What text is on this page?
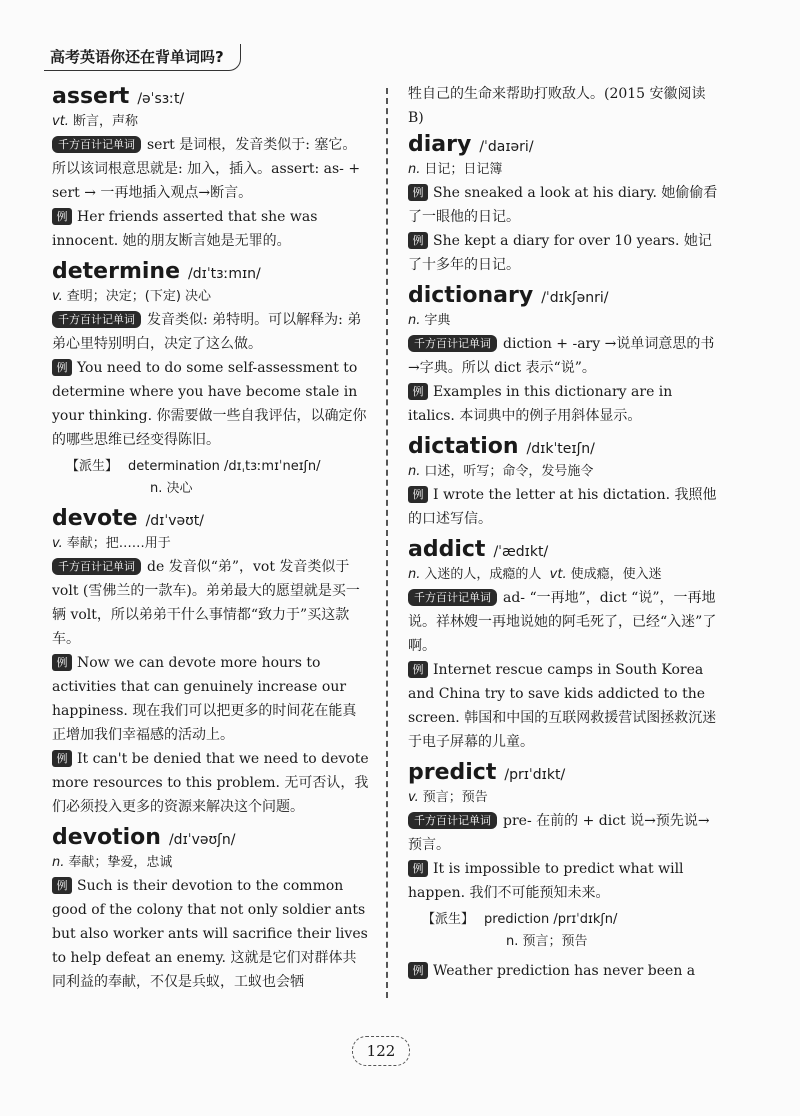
高考英语你还在背单词吗?
assert /əˈsɜːt/
vt. 断言，声称

千方百计记单词 sert 是词根，发音类似于: 塞它。所以该词根意思就是: 加入，插入。assert: as- + sert → 一再地插入观点→断言。

例 Her friends asserted that she was innocent. 她的朋友断言她是无罪的。

determine /dɪˈtɜːmɪn/
v. 查明；决定；(下定) 决心

千方百计记单词 发音类似: 弟特明。可以解释为: 弟弟心里特别明白，决定了这么做。

例 You need to do some self-assessment to determine where you have become stale in your thinking. 你需要做一些自我评估，以确定你的哪些思维已经变得陈旧。

【派生】 determination /dɪˌtɜːmɪˈneɪʃn/
n. 决心
devote /dɪˈvəʊt/
v. 奉献；把……用于

千方百计记单词 de 发音似“弟”，vot 发音类似于 volt (雪佛兰的一款车)。弟弟最大的愿望就是买一辆 volt，所以弟弟干什么事情都“致力于”买这款车。

例 Now we can devote more hours to activities that can genuinely increase our happiness. 现在我们可以把更多的时间花在能真正增加我们幸福感的活动上。

例 It can't be denied that we need to devote more resources to this problem. 无可否认，我们必须投入更多的资源来解决这个问题。

devotion /dɪˈvəʊʃn/
n. 奉献；挚爱，忠诚

例 Such is their devotion to the common good of the colony that not only soldier ants but also worker ants will sacrifice their lives to help defeat an enemy. 这就是它们对群体共同利益的奉献，不仅是兵蚁，工蚁也会牺

牲自己的生命来帮助打败敌人。(2015 安徽阅读 B)

diary /ˈdaɪəri/
n. 日记；日记簿

例 She sneaked a look at his diary. 她偷偷看了一眼他的日记。

例 She kept a diary for over 10 years. 她记了十多年的日记。

dictionary /ˈdɪkʃənri/
n. 字典

千方百计记单词 diction + -ary →说单词意思的书→字典。所以 dict 表示“说”。

例 Examples in this dictionary are in italics. 本词典中的例子用斜体显示。

dictation /dɪkˈteɪʃn/
n. 口述，听写；命令，发号施令

例 I wrote the letter at his dictation. 我照他的口述写信。

addict /ˈædɪkt/
n. 入迷的人，成瘾的人 vt. 使成瘾，使入迷

千方百计记单词 ad- “一再地”，dict “说”，一再地说。祥林嫂一再地说她的阿毛死了，已经“入迷”了啊。

例 Internet rescue camps in South Korea and China try to save kids addicted to the screen. 韩国和中国的互联网救援营试图拯救沉迷于电子屏幕的儿童。

predict /prɪˈdɪkt/
v. 预言；预告

千方百计记单词 pre- 在前的 + dict 说→预先说→预言。

例 It is impossible to predict what will happen. 我们不可能预知未来。

【派生】 prediction /prɪˈdɪkʃn/
n. 预言；预告

例 Weather prediction has never been a

122
